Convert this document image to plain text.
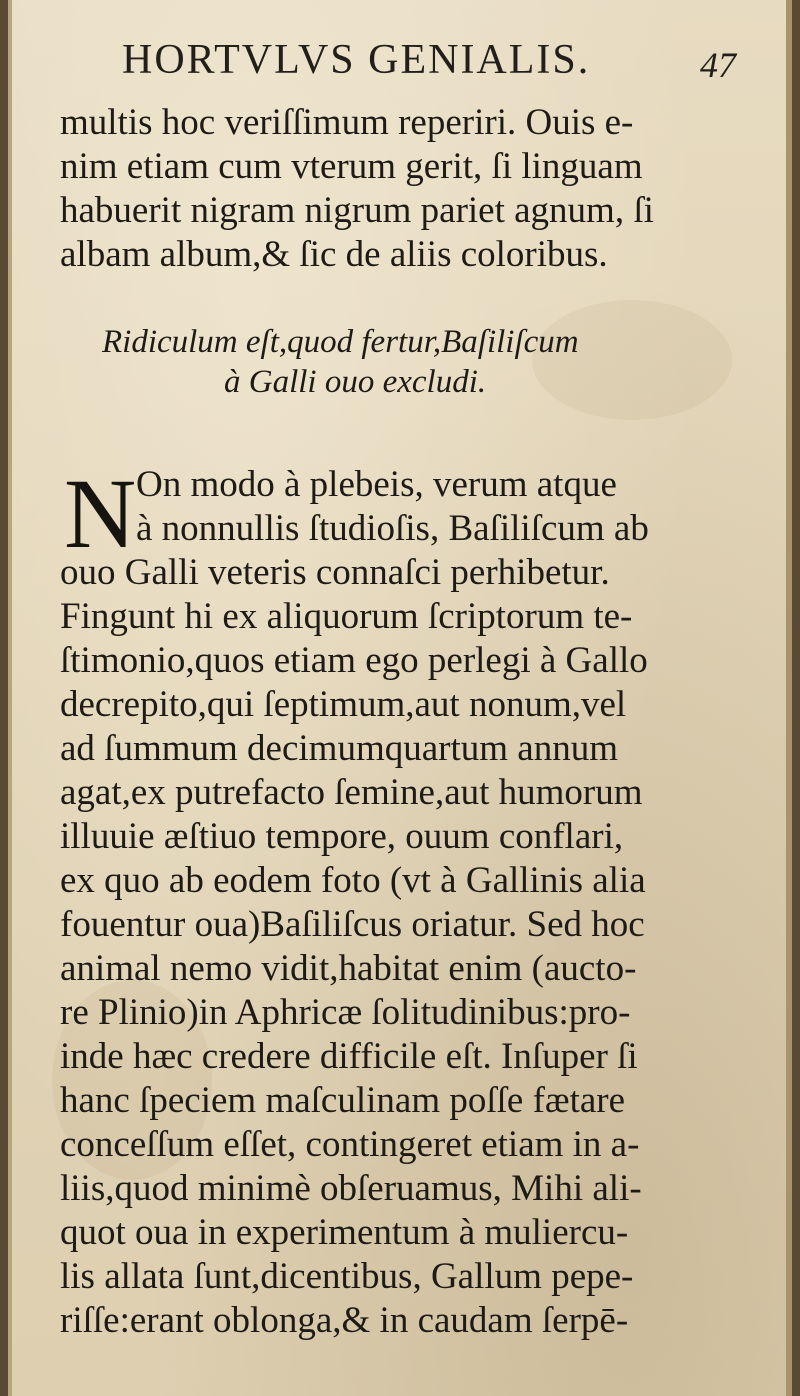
HORTVLVS GENIALIS.	47
multis hoc veriſſimum reperiri. Ouis e-
nim etiam cum vterum gerit, ſi linguam
habuerit nigram nigrum pariet agnum, ſi
albam album,& ſic de aliis coloribus.
Ridiculum eſt,quod fertur,Baſiliſcum
à Galli ouo excludi.
N On modo à plebeis, verum atque
à nonnullis ſtudioſis, Baſiliſcum ab
ouo Galli veteris connaſci perhibetur.
Fingunt hi ex aliquorum ſcriptorum te-
ſtimonio,quos etiam ego perlegi à Gallo
decrepito,qui ſeptimum,aut nonum,vel
ad ſummum decimumquartum annum
agat,ex putrefacto ſemine,aut humorum
illuuie æſtiuo tempore, ouum conflari,
ex quo ab eodem foto (vt à Gallinis alia
fouentur oua)Baſiliſcus oriatur. Sed hoc
animal nemo vidit,habitat enim (aucto-
re Plinio)in Aphricæ ſolitudinibus:pro-
inde hæc credere difficile eſt. Inſuper ſi
hanc ſpeciem maſculinam poſſe fætare
conceſſum eſſet, contingeret etiam in a-
liis,quod minimè obſeruamus, Mihi ali-
quot oua in experimentum à muliercu-
lis allata ſunt,dicentibus, Gallum pepe-
riſſe:erant oblonga,& in caudam ſerpē-
